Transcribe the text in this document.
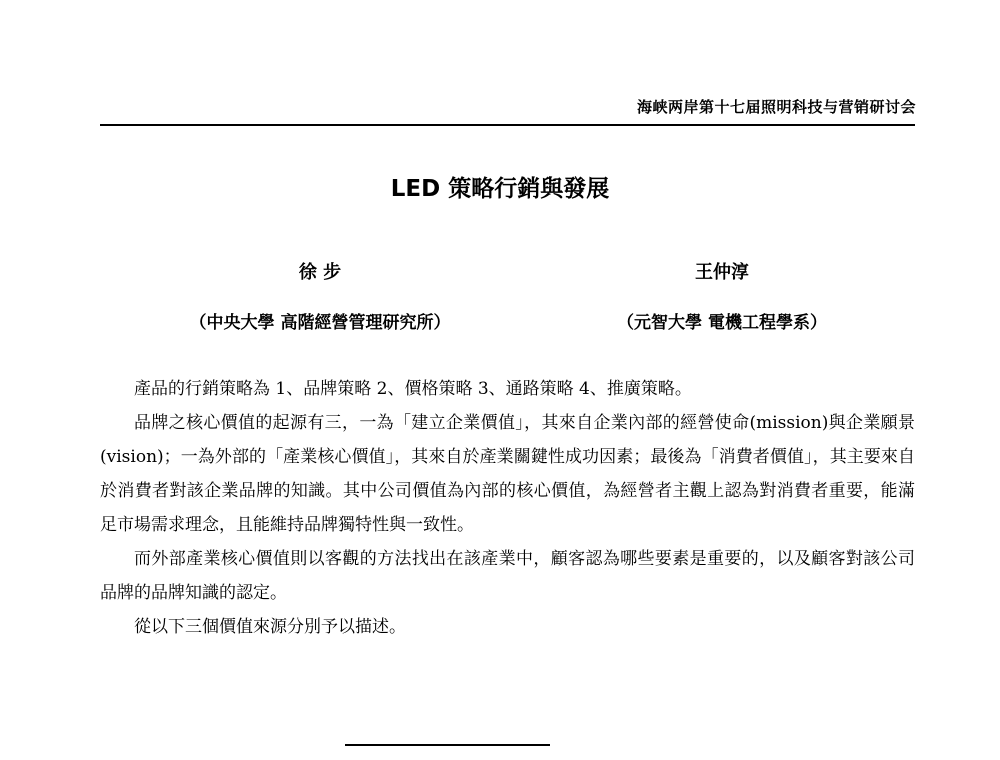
海峡两岸第十七届照明科技与营销研讨会
LED 策略行銷與發展
徐 步
（中央大學 高階經營管理研究所）
王仲淳
（元智大學 電機工程學系）

產品的行銷策略為 1、品牌策略 2、價格策略 3、通路策略 4、推廣策略。

品牌之核心價值的起源有三，一為「建立企業價值」，其來自企業內部的經營使命(mission)與企業願景(vision)；一為外部的「產業核心價值」，其來自於產業關鍵性成功因素；最後為「消費者價值」，其主要來自於消費者對該企業品牌的知識。其中公司價值為內部的核心價值，為經營者主觀上認為對消費者重要，能滿足市場需求理念，且能維持品牌獨特性與一致性。

而外部產業核心價值則以客觀的方法找出在該產業中，顧客認為哪些要素是重要的，以及顧客對該公司品牌的品牌知識的認定。

從以下三個價值來源分別予以描述。
